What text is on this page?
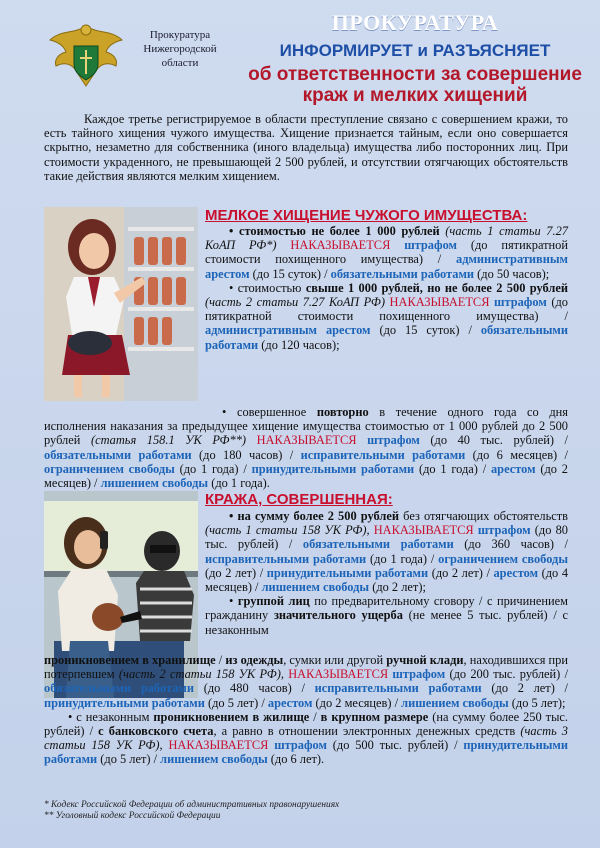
Прокуратура
Нижегородской
области
ПРОКУРАТУРА
ИНФОРМИРУЕТ и РАЗЪЯСНЯЕТ
об ответственности за совершение
краж и мелких хищений

Каждое третье регистрируемое в области преступление связано с совершением кражи, то есть тайного хищения чужого имущества. Хищение признается тайным, если оно совершается скрытно, незаметно для собственника (иного владельца) имущества либо посторонних лиц. При стоимости украденного, не превышающей 2 500 рублей, и отсутствии отягчающих обстоятельств такие действия являются мелким хищением.

МЕЛКОЕ ХИЩЕНИЕ ЧУЖОГО ИМУЩЕСТВА:

• стоимостью не более 1 000 рублей (часть 1 статьи 7.27 КоАП РФ*) НАКАЗЫВАЕТСЯ штрафом (до пятикратной стоимости похищенного имущества) / административным арестом (до 15 суток) / обязательными работами (до 50 часов);

• стоимостью свыше 1 000 рублей, но не более 2 500 рублей (часть 2 статьи 7.27 КоАП РФ) НАКАЗЫВАЕТСЯ штрафом (до пятикратной стоимости похищенного имущества) / административным арестом (до 15 суток) / обязательными работами (до 120 часов);

• совершенное повторно в течение одного года со дня исполнения наказания за предыдущее хищение имущества стоимостью от 1 000 рублей до 2 500 рублей (статья 158.1 УК РФ**) НАКАЗЫВАЕТСЯ штрафом (до 40 тыс. рублей) / обязательными работами (до 180 часов) / исправительными работами (до 6 месяцев) / ограничением свободы (до 1 года) / принудительными работами (до 1 года) / арестом (до 2 месяцев) / лишением свободы (до 1 года).

КРАЖА, СОВЕРШЕННАЯ:

• на сумму более 2 500 рублей без отягчающих обстоятельств (часть 1 статьи 158 УК РФ), НАКАЗЫВАЕТСЯ штрафом (до 80 тыс. рублей) / обязательными работами (до 360 часов) / исправительными работами (до 1 года) / ограничением свободы (до 2 лет) / принудительными работами (до 2 лет) / арестом (до 4 месяцев) / лишением свободы (до 2 лет);

• группой лиц по предварительному сговору / с причинением гражданину значительного ущерба (не менее 5 тыс. рублей) / с незаконным

проникновением в хранилище / из одежды, сумки или другой ручной клади, находившихся при потерпевшем (часть 2 статьи 158 УК РФ), НАКАЗЫВАЕТСЯ штрафом (до 200 тыс. рублей) / обязательными работами (до 480 часов) / исправительными работами (до 2 лет) / принудительными работами (до 5 лет) / арестом (до 2 месяцев) / лишением свободы (до 5 лет);

• с незаконным проникновением в жилище / в крупном размере (на сумму более 250 тыс. рублей) / с банковского счета, а равно в отношении электронных денежных средств (часть 3 статьи 158 УК РФ), НАКАЗЫВАЕТСЯ штрафом (до 500 тыс. рублей) / принудительными работами (до 5 лет) / лишением свободы (до 6 лет).

* Кодекс Российской Федерации об административных правонарушениях
** Уголовный кодекс Российской Федерации
